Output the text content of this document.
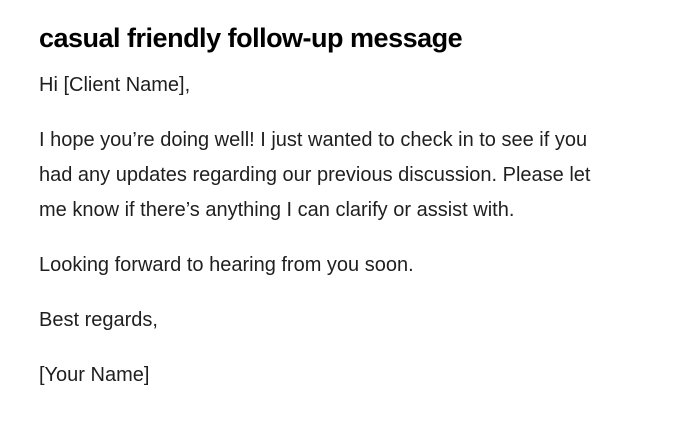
casual friendly follow-up message

Hi [Client Name],

I hope you’re doing well! I just wanted to check in to see if you had any updates regarding our previous discussion. Please let me know if there’s anything I can clarify or assist with.

Looking forward to hearing from you soon.

Best regards,

[Your Name]
